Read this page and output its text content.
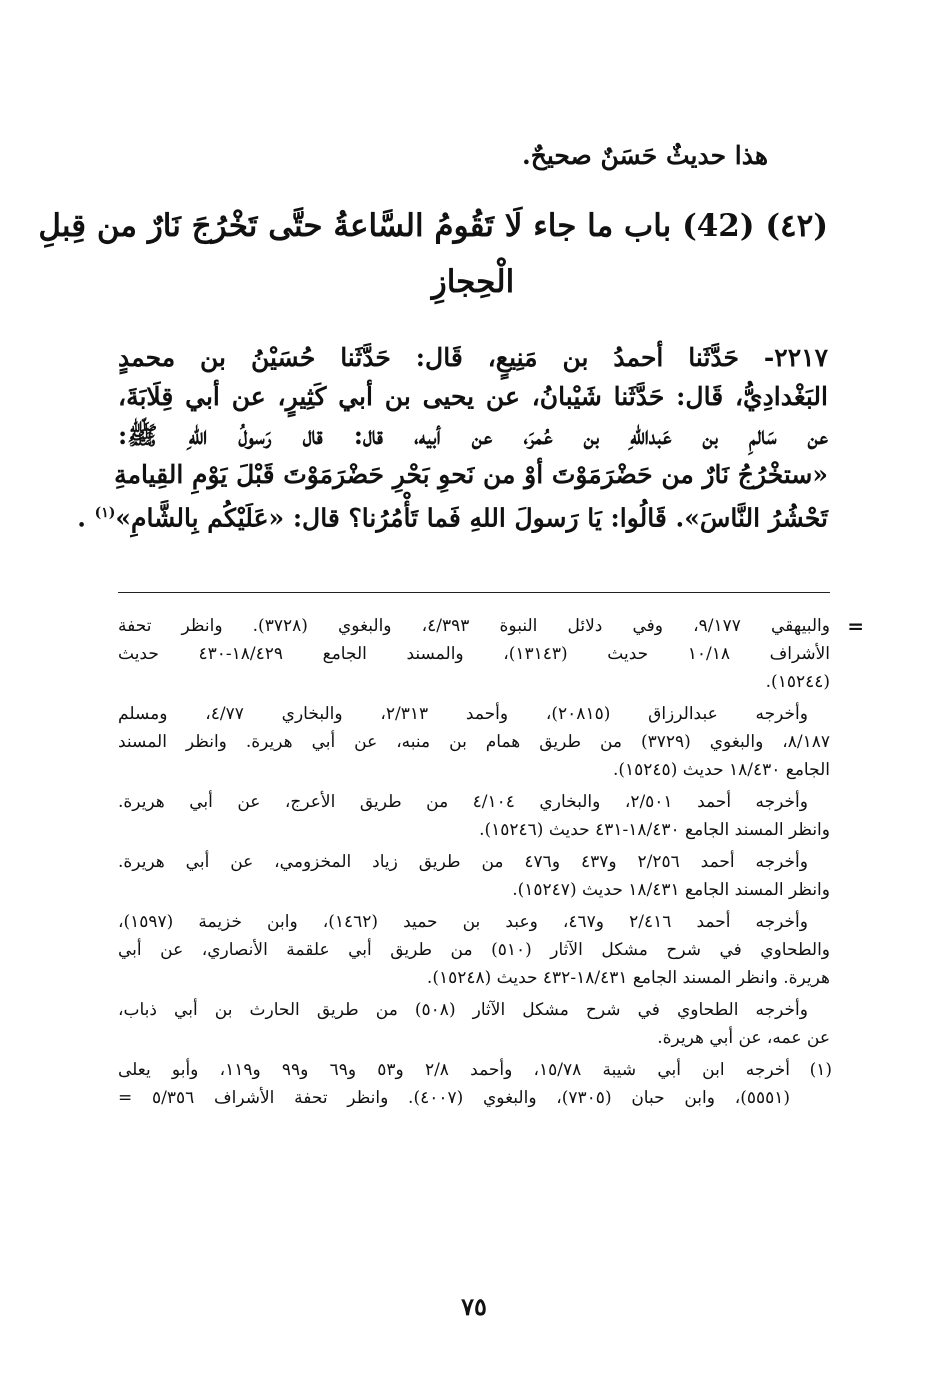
هذا حديثٌ حَسَنٌ صحيحٌ.
(٤٢) (42) باب ما جاء لَا تَقُومُ السَّاعةُ حتَّى تَخْرُجَ نَارٌ من قِبلِ
الْحِجازِ
٢٢١٧- حَدَّثَنا أحمدُ بن مَنِيعٍ، قَال: حَدَّثَنا حُسَيْنُ بن محمدٍ
البَغْدادِيُّ، قَال: حَدَّثَنا شَيْبانُ، عن يحيى بن أبي كَثِيرٍ، عن أبي قِلَابَةَ،
عن سَالمِ بن عَبداللهِ بن عُمرَ، عن أبيه، قال: قال رَسولُ اللهِ ﷺ:
«ستخْرُجُ نَارٌ من حَضْرَمَوْتَ أوْ من نَحوِ بَحْرِ حَضْرَمَوْتَ قَبْلَ يَوْمِ القِيامةِ
تَحْشُرُ النَّاسَ». قَالُوا: يَا رَسولَ اللهِ فَما تَأْمُرُنا؟ قال: «عَلَيْكُم بِالشَّامِ»$^{(١)}$ .
=
والبيهقي ٩/١٧٧، وفي دلائل النبوة ٤/٣٩٣، والبغوي (٣٧٢٨). وانظر تحفة
الأشراف ١٠/١٨ حديث (١٣١٤٣)، والمسند الجامع ١٨/٤٢٩-٤٣٠ حديث
(١٥٢٤٤).
وأخرجه عبدالرزاق (٢٠٨١٥)، وأحمد ٢/٣١٣، والبخاري ٤/٧٧، ومسلم
٨/١٨٧، والبغوي (٣٧٢٩) من طريق همام بن منبه، عن أبي هريرة. وانظر المسند
الجامع ١٨/٤٣٠ حديث (١٥٢٤٥).
وأخرجه أحمد ٢/٥٠١، والبخاري ٤/١٠٤ من طريق الأعرج، عن أبي هريرة.
وانظر المسند الجامع ١٨/٤٣٠-٤٣١ حديث (١٥٢٤٦).
وأخرجه أحمد ٢/٢٥٦ و٤٣٧ و٤٧٦ من طريق زياد المخزومي، عن أبي هريرة.
وانظر المسند الجامع ١٨/٤٣١ حديث (١٥٢٤٧).
وأخرجه أحمد ٢/٤١٦ و٤٦٧، وعبد بن حميد (١٤٦٢)، وابن خزيمة (١٥٩٧)،
والطحاوي في شرح مشكل الآثار (٥١٠) من طريق أبي علقمة الأنصاري، عن أبي
هريرة. وانظر المسند الجامع ١٨/٤٣١-٤٣٢ حديث (١٥٢٤٨).
وأخرجه الطحاوي في شرح مشكل الآثار (٥٠٨) من طريق الحارث بن أبي ذباب،
عن عمه، عن أبي هريرة.
(١)
أخرجه ابن أبي شيبة ١٥/٧٨، وأحمد ٢/٨ و٥٣ و٦٩ و٩٩ و١١٩، وأبو يعلى
(٥٥٥١)، وابن حبان (٧٣٠٥)، والبغوي (٤٠٠٧). وانظر تحفة الأشراف ٥/٣٥٦ =
٧٥
